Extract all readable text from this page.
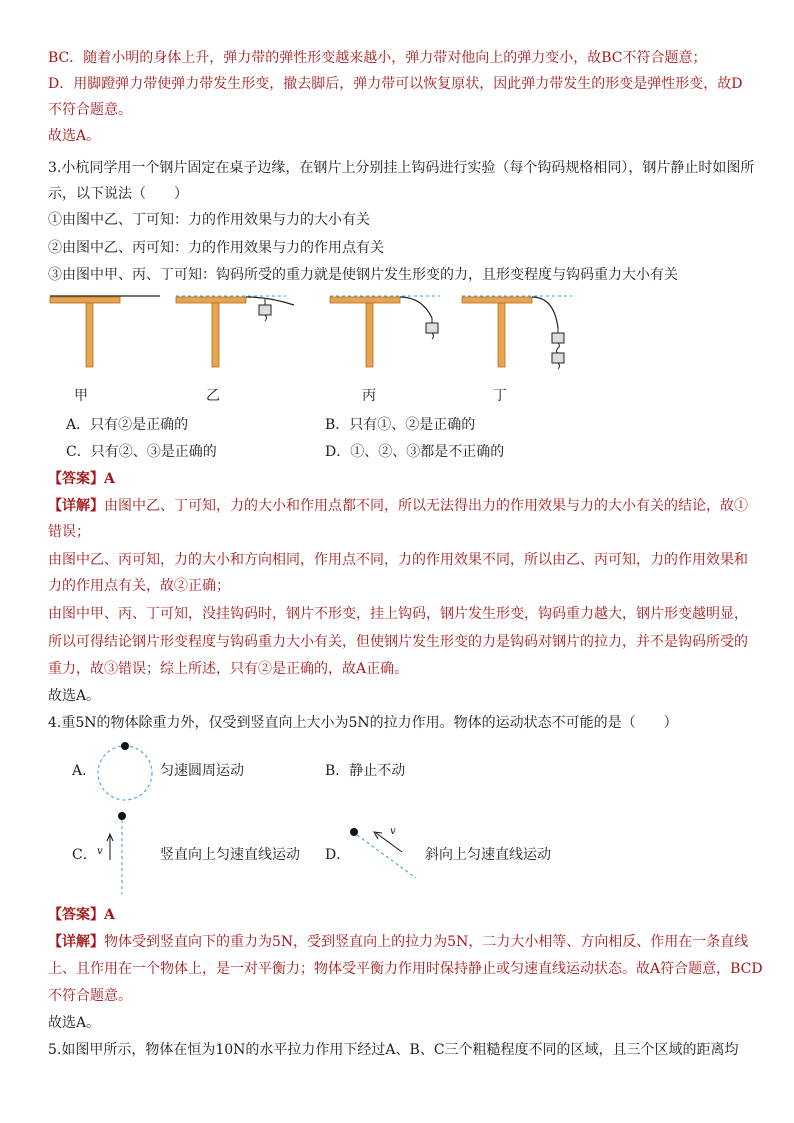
BC．随着小明的身体上升，弹力带的弹性形变越来越小，弹力带对他向上的弹力变小，故BC不符合题意；
D．用脚蹬弹力带使弹力带发生形变，撤去脚后，弹力带可以恢复原状，因此弹力带发生的形变是弹性形变，故D
不符合题意。
故选A。
3.小杭同学用一个钢片固定在桌子边缘，在钢片上分别挂上钩码进行实验（每个钩码规格相同），钢片静止时如图所
示，以下说法（　　）
①由图中乙、丁可知：力的作用效果与力的大小有关
②由图中乙、丙可知：力的作用效果与力的作用点有关
③由图中甲、丙、丁可知：钩码所受的重力就是使钢片发生形变的力，且形变程度与钩码重力大小有关
甲	乙	丙	丁
A．只有②是正确的	B．只有①、②是正确的
C．只有②、③是正确的	D．①、②、③都是不正确的
【答案】A
【详解】由图中乙、丁可知，力的大小和作用点都不同，所以无法得出力的作用效果与力的大小有关的结论，故①
错误；
由图中乙、丙可知，力的大小和方向相同，作用点不同，力的作用效果不同，所以由乙、丙可知，力的作用效果和
力的作用点有关，故②正确；
由图中甲、丙、丁可知，没挂钩码时，钢片不形变，挂上钩码，钢片发生形变，钩码重力越大，钢片形变越明显，
所以可得结论钢片形变程度与钩码重力大小有关，但使钢片发生形变的力是钩码对钢片的拉力，并不是钩码所受的
重力，故③错误；综上所述，只有②是正确的，故A正确。
故选A。
4.重5N的物体除重力外，仅受到竖直向上大小为5N的拉力作用。物体的运动状态不可能的是（　　）
A．	匀速圆周运动	B．静止不动
C． v	竖直向上匀速直线运动 D．
v
斜向上匀速直线运动
【答案】A
【详解】物体受到竖直向下的重力为5N，受到竖直向上的拉力为5N，二力大小相等、方向相反、作用在一条直线
上、且作用在一个物体上，是一对平衡力；物体受平衡力作用时保持静止或匀速直线运动状态。故A符合题意，BCD
不符合题意。
故选A。
5.如图甲所示，物体在恒为10N的水平拉力作用下经过A、B、C三个粗糙程度不同的区域，且三个区域的距离均
